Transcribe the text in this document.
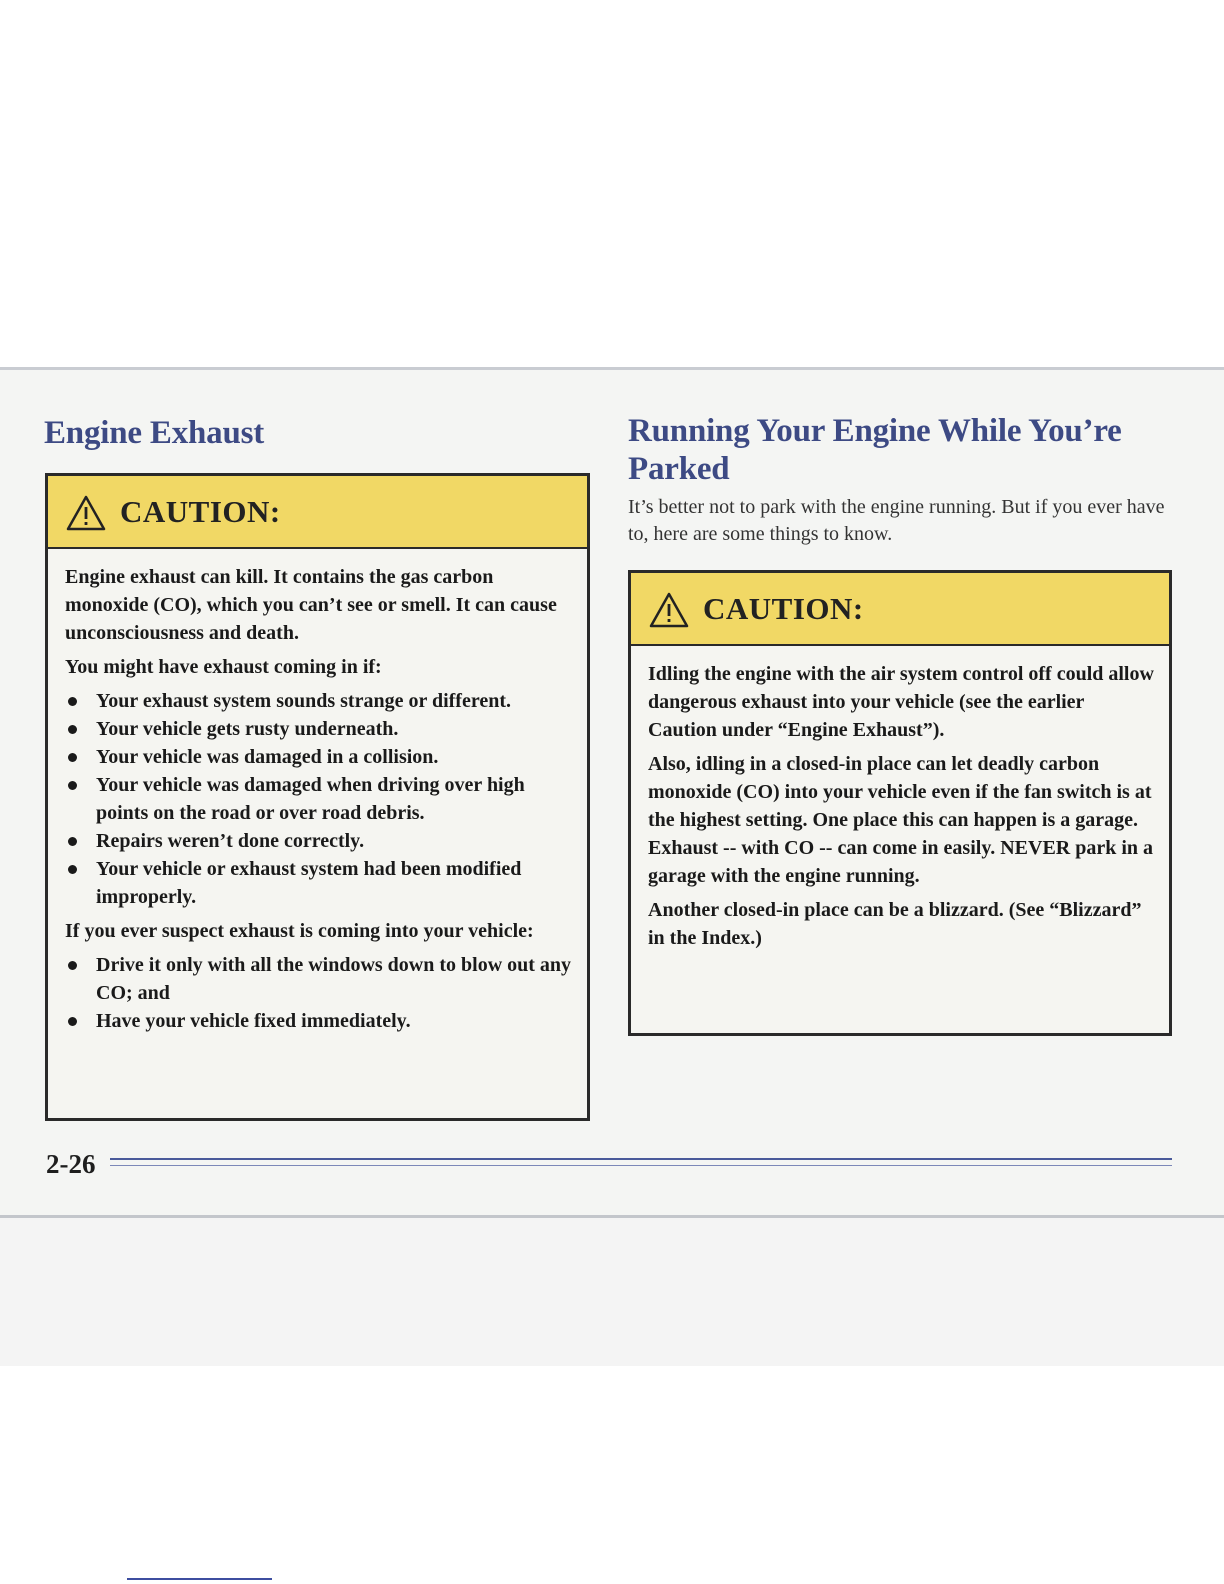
Engine Exhaust
CAUTION:

Engine exhaust can kill. It contains the gas carbon monoxide (CO), which you can’t see or smell. It can cause unconsciousness and death.

You might have exhaust coming in if:

Your exhaust system sounds strange or different.
Your vehicle gets rusty underneath.
Your vehicle was damaged in a collision.
Your vehicle was damaged when driving over high points on the road or over road debris.
Repairs weren’t done correctly.
Your vehicle or exhaust system had been modified improperly.

If you ever suspect exhaust is coming into your vehicle:

Drive it only with all the windows down to blow out any CO; and
Have your vehicle fixed immediately.
Running Your Engine While You’re Parked

It’s better not to park with the engine running. But if you ever have to, here are some things to know.

CAUTION:

Idling the engine with the air system control off could allow dangerous exhaust into your vehicle (see the earlier Caution under “Engine Exhaust”).

Also, idling in a closed-in place can let deadly carbon monoxide (CO) into your vehicle even if the fan switch is at the highest setting. One place this can happen is a garage. Exhaust -- with CO -- can come in easily. NEVER park in a garage with the engine running.

Another closed-in place can be a blizzard. (See “Blizzard” in the Index.)

2-26
